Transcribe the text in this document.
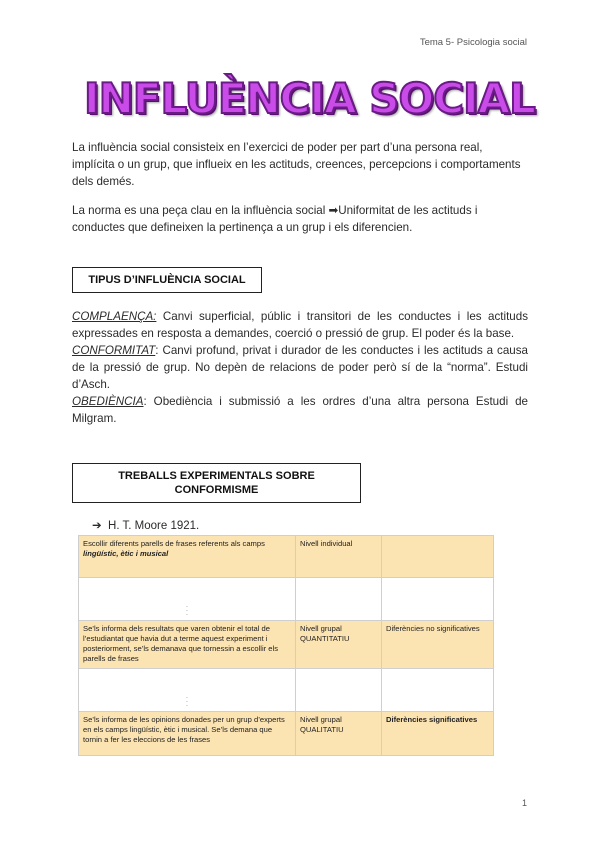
Tema 5- Psicologia social
INFLUÈNCIA SOCIAL
La influència social consisteix en l’exercici de poder per part d’una persona real, implícita o un grup, que influeix en les actituds, creences, percepcions i comportaments dels demés.
La norma es una peça clau en la influència social ➡Uniformitat de les actituds i conductes que defineixen la pertinença a un grup i els diferencien.
TIPUS D’INFLUÈNCIA SOCIAL
COMPLAENÇA: Canvi superficial, públic i transitori de les conductes i les actituds expressades en resposta a demandes, coerció o pressió de grup. El poder és la base.
CONFORMITAT: Canvi profund, privat i durador de les conductes i les actituds a causa de la pressió de grup. No depèn de relacions de poder però sí de la “norma”. Estudi d’Asch.
OBEDIÈNCIA: Obediència i submissió a les ordres d’una altra persona Estudi de Milgram.
TREBALLS EXPERIMENTALS SOBRE CONFORMISME
➔ H. T. Moore 1921.
Escollir diferents parells de frases referents als camps
lingüístic, ètic i musical	Nivell individual	
·
·
·		
Se’ls informa dels resultats que varen obtenir el total de l’estudiantat que havia dut a terme aquest experiment i posteriorment, se’ls demanava que tornessin a escollir els parells de frases	Nivell grupal
QUANTITATIU	Diferències no significatives
·
·
·		
Se’ls informa de les opinions donades per un grup d’experts en els camps lingüístic, ètic i musical. Se’ls demana que tornin a fer les eleccions de les frases	Nivell grupal
QUALITATIU	Diferències significatives
1
